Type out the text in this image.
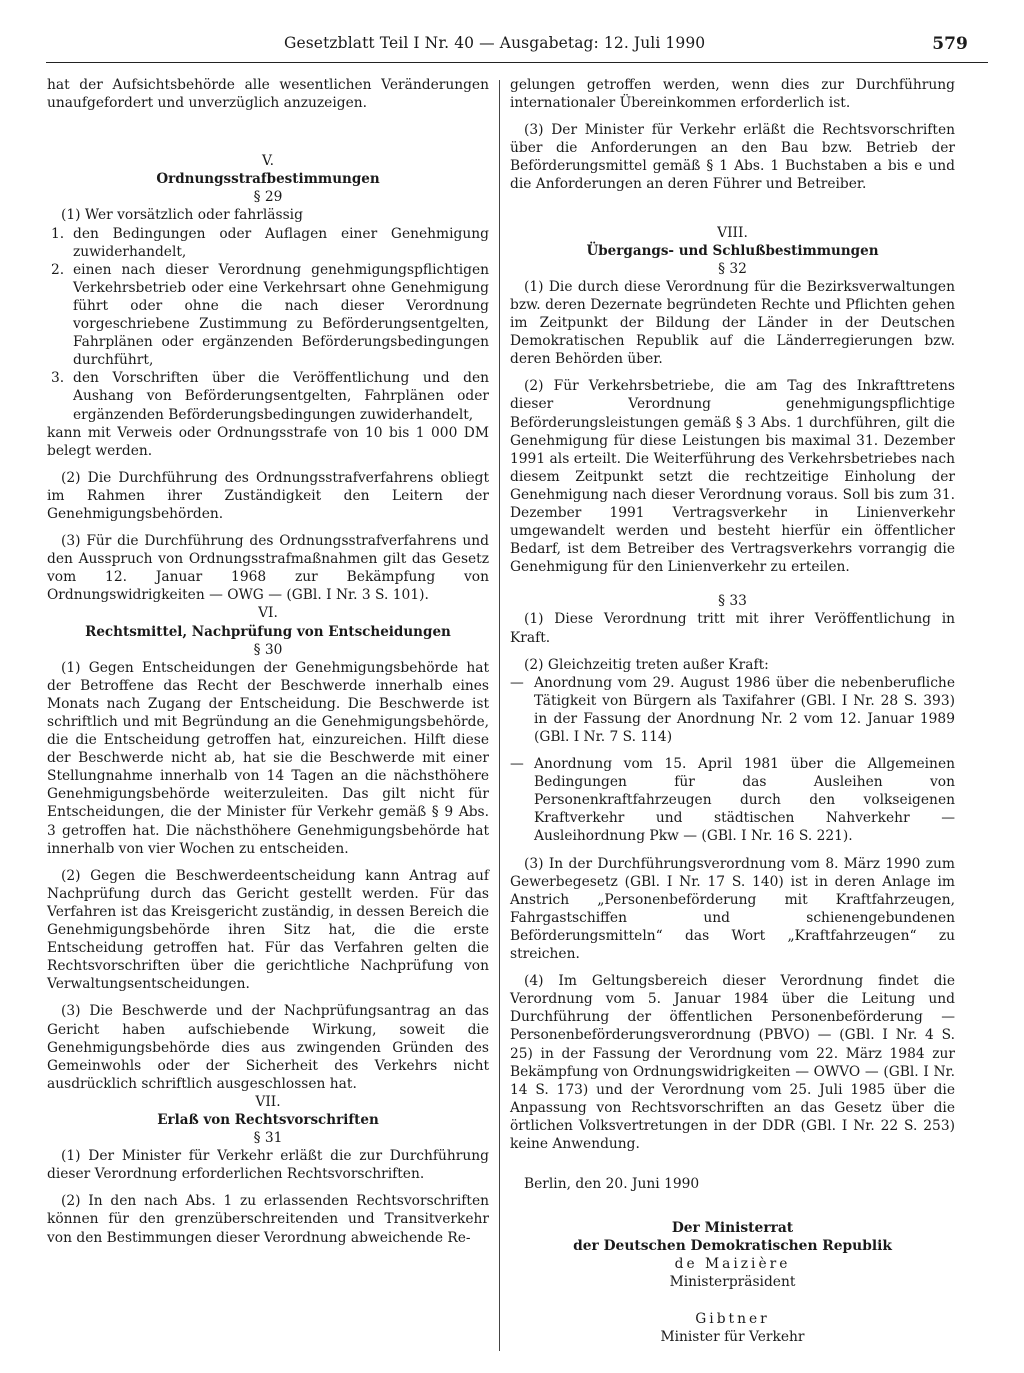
Gesetzblatt Teil I Nr. 40 — Ausgabetag: 12. Juli 1990	579

hat der Aufsichtsbehörde alle wesentlichen Veränderungen unaufgefordert und unverzüglich anzuzeigen.

V.

Ordnungsstrafbestimmungen

§ 29

(1) Wer vorsätzlich oder fahrlässig

1. den Bedingungen oder Auflagen einer Genehmigung zuwiderhandelt,
2. einen nach dieser Verordnung genehmigungspflichtigen Verkehrsbetrieb oder eine Verkehrsart ohne Genehmigung führt oder ohne die nach dieser Verordnung vorgeschriebene Zustimmung zu Beförderungsentgelten, Fahrplänen oder ergänzenden Beförderungsbedingungen durchführt,
3. den Vorschriften über die Veröffentlichung und den Aushang von Beförderungsentgelten, Fahrplänen oder ergänzenden Beförderungsbedingungen zuwiderhandelt,

kann mit Verweis oder Ordnungsstrafe von 10 bis 1 000 DM belegt werden.

(2) Die Durchführung des Ordnungsstrafverfahrens obliegt im Rahmen ihrer Zuständigkeit den Leitern der Genehmigungsbehörden.

(3) Für die Durchführung des Ordnungsstrafverfahrens und den Ausspruch von Ordnungsstrafmaßnahmen gilt das Gesetz vom 12. Januar 1968 zur Bekämpfung von Ordnungswidrigkeiten — OWG — (GBl. I Nr. 3 S. 101).

VI.

Rechtsmittel, Nachprüfung von Entscheidungen

§ 30

(1) Gegen Entscheidungen der Genehmigungsbehörde hat der Betroffene das Recht der Beschwerde innerhalb eines Monats nach Zugang der Entscheidung. Die Beschwerde ist schriftlich und mit Begründung an die Genehmigungsbehörde, die die Entscheidung getroffen hat, einzureichen. Hilft diese der Beschwerde nicht ab, hat sie die Beschwerde mit einer Stellungnahme innerhalb von 14 Tagen an die nächsthöhere Genehmigungsbehörde weiterzuleiten. Das gilt nicht für Entscheidungen, die der Minister für Verkehr gemäß § 9 Abs. 3 getroffen hat. Die nächsthöhere Genehmigungsbehörde hat innerhalb von vier Wochen zu entscheiden.

(2) Gegen die Beschwerdeentscheidung kann Antrag auf Nachprüfung durch das Gericht gestellt werden. Für das Verfahren ist das Kreisgericht zuständig, in dessen Bereich die Genehmigungsbehörde ihren Sitz hat, die die erste Entscheidung getroffen hat. Für das Verfahren gelten die Rechtsvorschriften über die gerichtliche Nachprüfung von Verwaltungsentscheidungen.

(3) Die Beschwerde und der Nachprüfungsantrag an das Gericht haben aufschiebende Wirkung, soweit die Genehmigungsbehörde dies aus zwingenden Gründen des Gemeinwohls oder der Sicherheit des Verkehrs nicht ausdrücklich schriftlich ausgeschlossen hat.

VII.

Erlaß von Rechtsvorschriften

§ 31

(1) Der Minister für Verkehr erläßt die zur Durchführung dieser Verordnung erforderlichen Rechtsvorschriften.

(2) In den nach Abs. 1 zu erlassenden Rechtsvorschriften können für den grenzüberschreitenden und Transitverkehr von den Bestimmungen dieser Verordnung abweichende Re-

gelungen getroffen werden, wenn dies zur Durchführung internationaler Übereinkommen erforderlich ist.

(3) Der Minister für Verkehr erläßt die Rechtsvorschriften über die Anforderungen an den Bau bzw. Betrieb der Beförderungsmittel gemäß § 1 Abs. 1 Buchstaben a bis e und die Anforderungen an deren Führer und Betreiber.

VIII.

Übergangs- und Schlußbestimmungen

§ 32

(1) Die durch diese Verordnung für die Bezirksverwaltungen bzw. deren Dezernate begründeten Rechte und Pflichten gehen im Zeitpunkt der Bildung der Länder in der Deutschen Demokratischen Republik auf die Länderregierungen bzw. deren Behörden über.

(2) Für Verkehrsbetriebe, die am Tag des Inkrafttretens dieser Verordnung genehmigungspflichtige Beförderungsleistungen gemäß § 3 Abs. 1 durchführen, gilt die Genehmigung für diese Leistungen bis maximal 31. Dezember 1991 als erteilt. Die Weiterführung des Verkehrsbetriebes nach diesem Zeitpunkt setzt die rechtzeitige Einholung der Genehmigung nach dieser Verordnung voraus. Soll bis zum 31. Dezember 1991 Vertragsverkehr in Linienverkehr umgewandelt werden und besteht hierfür ein öffentlicher Bedarf, ist dem Betreiber des Vertragsverkehrs vorrangig die Genehmigung für den Linienverkehr zu erteilen.

§ 33

(1) Diese Verordnung tritt mit ihrer Veröffentlichung in Kraft.

(2) Gleichzeitig treten außer Kraft:

— Anordnung vom 29. August 1986 über die nebenberufliche Tätigkeit von Bürgern als Taxifahrer (GBl. I Nr. 28 S. 393) in der Fassung der Anordnung Nr. 2 vom 12. Januar 1989 (GBl. I Nr. 7 S. 114)
— Anordnung vom 15. April 1981 über die Allgemeinen Bedingungen für das Ausleihen von Personenkraftfahrzeugen durch den volkseigenen Kraftverkehr und städtischen Nahverkehr — Ausleihordnung Pkw — (GBl. I Nr. 16 S. 221).

(3) In der Durchführungsverordnung vom 8. März 1990 zum Gewerbegesetz (GBl. I Nr. 17 S. 140) ist in deren Anlage im Anstrich „Personenbeförderung mit Kraftfahrzeugen, Fahrgastschiffen und schienengebundenen Beförderungsmitteln“ das Wort „Kraftfahrzeugen“ zu streichen.

(4) Im Geltungsbereich dieser Verordnung findet die Verordnung vom 5. Januar 1984 über die Leitung und Durchführung der öffentlichen Personenbeförderung — Personenbeförderungsverordnung (PBVO) — (GBl. I Nr. 4 S. 25) in der Fassung der Verordnung vom 22. März 1984 zur Bekämpfung von Ordnungswidrigkeiten — OWVO — (GBl. I Nr. 14 S. 173) und der Verordnung vom 25. Juli 1985 über die Anpassung von Rechtsvorschriften an das Gesetz über die örtlichen Volksvertretungen in der DDR (GBl. I Nr. 22 S. 253) keine Anwendung.

Berlin, den 20. Juni 1990

Der Ministerrat

der Deutschen Demokratischen Republik

de Maizière

Ministerpräsident

Gibtner

Minister für Verkehr
